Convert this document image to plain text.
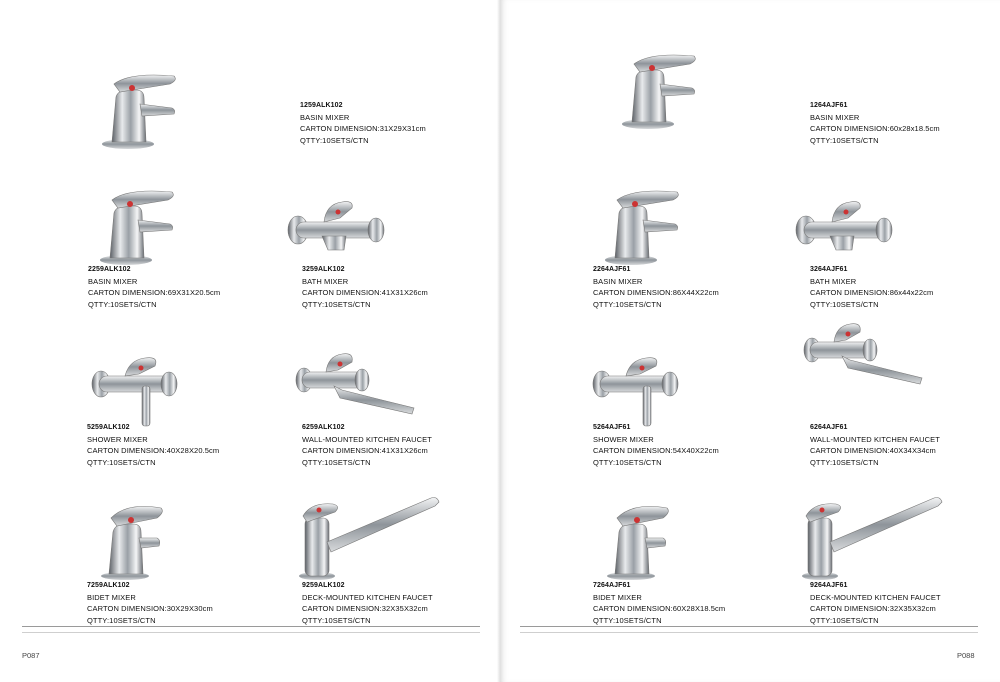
P087	P088
1259ALK102
BASIN MIXER
CARTON DIMENSION:31X29X31cm
QTTY:10SETS/CTN
2259ALK102
BASIN MIXER
CARTON DIMENSION:69X31X20.5cm
QTTY:10SETS/CTN
3259ALK102
BATH MIXER
CARTON DIMENSION:41X31X26cm
QTTY:10SETS/CTN
5259ALK102
SHOWER MIXER
CARTON DIMENSION:40X28X20.5cm
QTTY:10SETS/CTN
6259ALK102
WALL-MOUNTED KITCHEN FAUCET
CARTON DIMENSION:41X31X26cm
QTTY:10SETS/CTN
7259ALK102
BIDET MIXER
CARTON DIMENSION:30X29X30cm
QTTY:10SETS/CTN
9259ALK102
DECK-MOUNTED KITCHEN FAUCET
CARTON DIMENSION:32X35X32cm
QTTY:10SETS/CTN
1264AJF61
BASIN MIXER
CARTON DIMENSION:60x28x18.5cm
QTTY:10SETS/CTN
2264AJF61
BASIN MIXER
CARTON DIMENSION:86X44X22cm
QTTY:10SETS/CTN
3264AJF61
BATH MIXER
CARTON DIMENSION:86x44x22cm
QTTY:10SETS/CTN
5264AJF61
SHOWER MIXER
CARTON DIMENSION:54X40X22cm
QTTY:10SETS/CTN
6264AJF61
WALL-MOUNTED KITCHEN FAUCET
CARTON DIMENSION:40X34X34cm
QTTY:10SETS/CTN
7264AJF61
BIDET MIXER
CARTON DIMENSION:60X28X18.5cm
QTTY:10SETS/CTN
9264AJF61
DECK-MOUNTED KITCHEN FAUCET
CARTON DIMENSION:32X35X32cm
QTTY:10SETS/CTN
